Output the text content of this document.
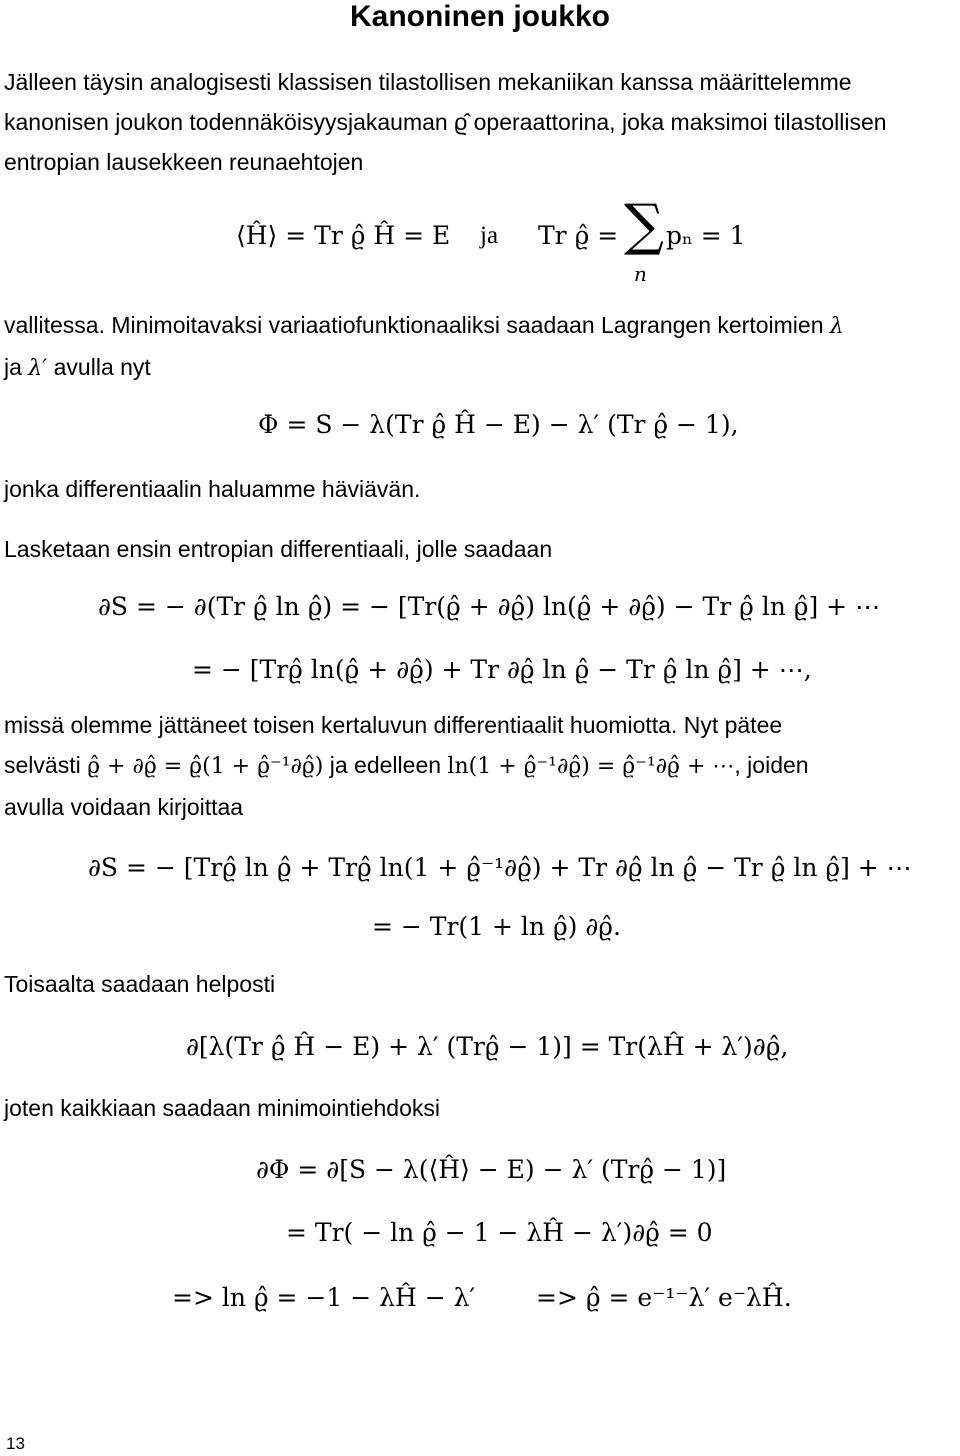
Kanoninen joukko
Jälleen täysin analogisesti klassisen tilastollisen mekaniikan kanssa määrittelemme kanonisen joukon todennäköisyysjakauman ϱ̂ operaattorina, joka maksimoi tilastollisen entropian lausekkeen reunaehtojen
⟨Ĥ⟩ = Tr ϱ̂ Ĥ = E ja Tr ϱ̂ = ∑
n
pₙ = 1
vallitessa. Minimoitavaksi variaatiofunktionaaliksi saadaan Lagrangen kertoimien λ
ja λ′ avulla nyt
Φ = S − λ(Tr ϱ̂ Ĥ − E) − λ′ (Tr ϱ̂ − 1),
jonka differentiaalin haluamme häviävän.
Lasketaan ensin entropian differentiaali, jolle saadaan
∂S = − ∂(Tr ϱ̂ ln ϱ̂) = − [Tr(ϱ̂ + ∂ϱ̂) ln(ϱ̂ + ∂ϱ̂) − Tr ϱ̂ ln ϱ̂] + ⋯
= − [Trϱ̂ ln(ϱ̂ + ∂ϱ̂) + Tr ∂ϱ̂ ln ϱ̂ − Tr ϱ̂ ln ϱ̂] + ⋯,
missä olemme jättäneet toisen kertaluvun differentiaalit huomiotta. Nyt pätee
selvästi ϱ̂ + ∂ϱ̂ = ϱ̂(1 + ϱ̂⁻¹∂ϱ̂) ja edelleen ln(1 + ϱ̂⁻¹∂ϱ̂) = ϱ̂⁻¹∂ϱ̂ + ⋯, joiden
avulla voidaan kirjoittaa
∂S = − [Trϱ̂ ln ϱ̂ + Trϱ̂ ln(1 + ϱ̂⁻¹∂ϱ̂) + Tr ∂ϱ̂ ln ϱ̂ − Tr ϱ̂ ln ϱ̂] + ⋯
= − Tr(1 + ln ϱ̂) ∂ϱ̂.
Toisaalta saadaan helposti
∂[λ(Tr ϱ̂ Ĥ − E) + λ′ (Trϱ̂ − 1)] = Tr(λĤ + λ′)∂ϱ̂,
joten kaikkiaan saadaan minimointiehdoksi
∂Φ = ∂[S − λ(⟨Ĥ⟩ − E) − λ′ (Trϱ̂ − 1)]
= Tr( − ln ϱ̂ − 1 − λĤ − λ′)∂ϱ̂ = 0
=> ln ϱ̂ = −1 − λĤ − λ′ => ϱ̂ = e⁻¹⁻λ′ e⁻λĤ.
13
